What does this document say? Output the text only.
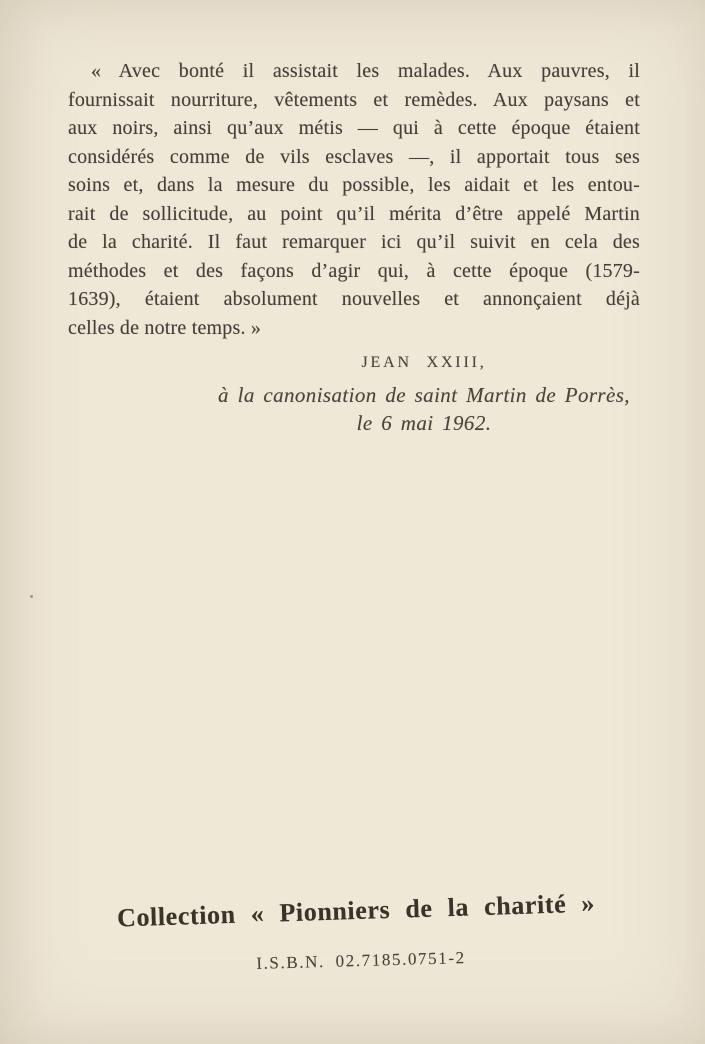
« Avec bonté il assistait les malades. Aux pauvres, il
fournissait nourriture, vêtements et remèdes. Aux paysans et
aux noirs, ainsi qu’aux métis — qui à cette époque étaient
considérés comme de vils esclaves —, il apportait tous ses
soins et, dans la mesure du possible, les aidait et les entou-
rait de sollicitude, au point qu’il mérita d’être appelé Martin
de la charité. Il faut remarquer ici qu’il suivit en cela des
méthodes et des façons d’agir qui, à cette époque (1579-
1639), étaient absolument nouvelles et annonçaient déjà
celles de notre temps. »
JEAN XXIII,
à la canonisation de saint Martin de Porrès,
le 6 mai 1962.
Collection « Pionniers de la charité »
I.S.B.N. 02.7185.0751-2
